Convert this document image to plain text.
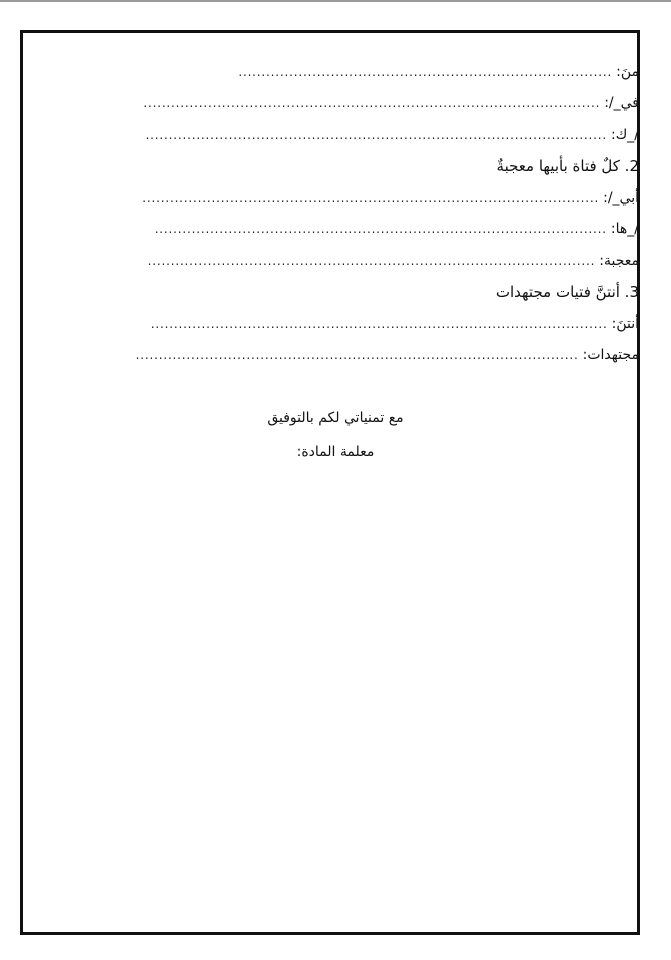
منَ:
.................................................................................
في_/:
...................................................................................................
/_ك:
....................................................................................................
2. كلٌ فتاة بأبيها معجبةٌ
أبي_/:
...................................................................................................
/_ها:
..................................................................................................
معجبة:
.................................................................................................
3. أنتنَّ فتيات مجتهدات
أنتنَ:
...................................................................................................
مجتهدات:
................................................................................................
مع تمنياتي لكم بالتوفيق
معلمة المادة:
